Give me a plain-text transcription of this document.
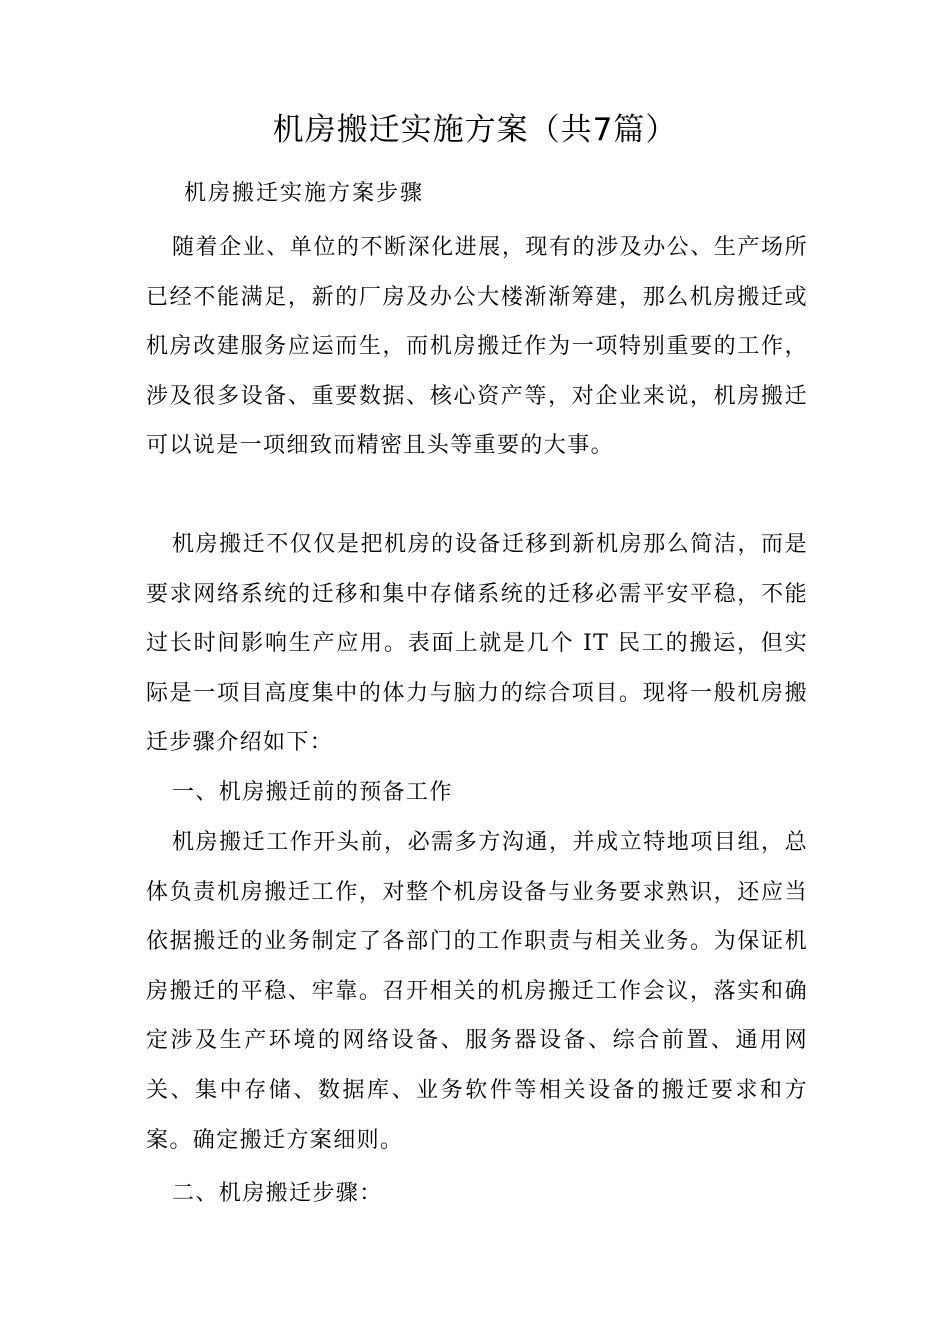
机房搬迁实施方案（共7篇）

机房搬迁实施方案步骤

随着企业、单位的不断深化进展，现有的涉及办公、生产场所已经不能满足，新的厂房及办公大楼渐渐筹建，那么机房搬迁或机房改建服务应运而生，而机房搬迁作为一项特别重要的工作，涉及很多设备、重要数据、核心资产等，对企业来说，机房搬迁可以说是一项细致而精密且头等重要的大事。

机房搬迁不仅仅是把机房的设备迁移到新机房那么简洁，而是要求网络系统的迁移和集中存储系统的迁移必需平安平稳，不能过长时间影响生产应用。表面上就是几个 IT 民工的搬运，但实际是一项目高度集中的体力与脑力的综合项目。现将一般机房搬迁步骤介绍如下：

一、机房搬迁前的预备工作

机房搬迁工作开头前，必需多方沟通，并成立特地项目组，总体负责机房搬迁工作，对整个机房设备与业务要求熟识，还应当依据搬迁的业务制定了各部门的工作职责与相关业务。为保证机房搬迁的平稳、牢靠。召开相关的机房搬迁工作会议，落实和确定涉及生产环境的网络设备、服务器设备、综合前置、通用网关、集中存储、数据库、业务软件等相关设备的搬迁要求和方案。确定搬迁方案细则。

二、机房搬迁步骤：
